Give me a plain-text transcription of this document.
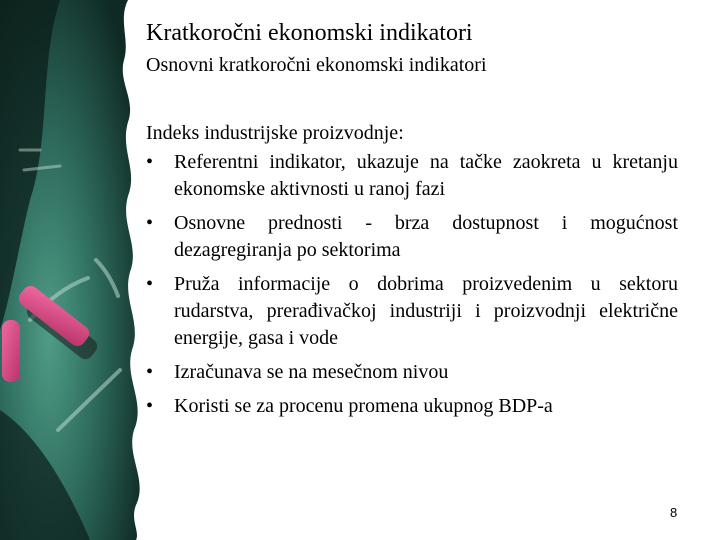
Kratkoročni ekonomski indikatori
Osnovni kratkoročni ekonomski indikatori

Indeks industrijske proizvodnje:

• Referentni indikator, ukazuje na tačke zaokreta u kretanju ekonomske aktivnosti u ranoj fazi
• Osnovne prednosti - brza dostupnost i mogućnost dezagregiranja po sektorima
• Pruža informacije o dobrima proizvedenim u sektoru rudarstva, prerađivačkoj industriji i proizvodnji električne energije, gasa i vode
• Izračunava se na mesečnom nivou
• Koristi se za procenu promena ukupnog BDP-a
8
